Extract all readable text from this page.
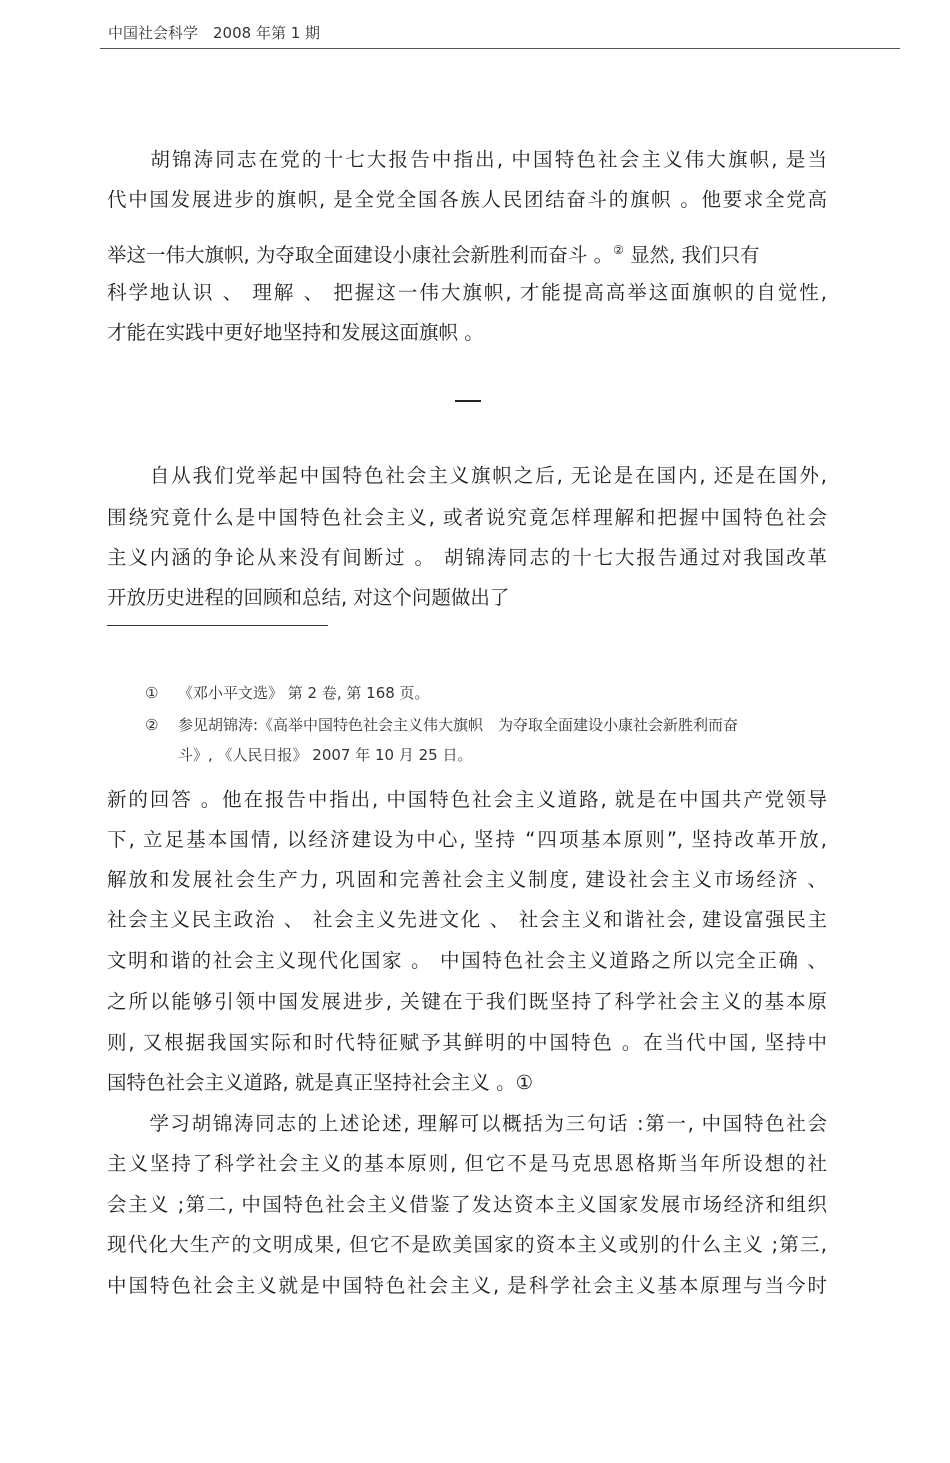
中国社会科学　2008 年第 1 期
　　胡锦涛同志在党的十七大报告中指出, 中国特色社会主义伟大旗帜, 是当
代中国发展进步的旗帜, 是全党全国各族人民团结奋斗的旗帜 。他要求全党高
举这一伟大旗帜, 为夺取全面建设小康社会新胜利而奋斗 。② 显然, 我们只有
科学地认识 、 理解 、 把握这一伟大旗帜, 才能提高高举这面旗帜的自觉性,
才能在实践中更好地坚持和发展这面旗帜 。
　　自从我们党举起中国特色社会主义旗帜之后, 无论是在国内, 还是在国外,
围绕究竟什么是中国特色社会主义, 或者说究竟怎样理解和把握中国特色社会
主义内涵的争论从来没有间断过 。 胡锦涛同志的十七大报告通过对我国改革
开放历史进程的回顾和总结, 对这个问题做出了
① 《邓小平文选》 第 2 卷, 第 168 页。
② 参见胡锦涛:《高举中国特色社会主义伟大旗帜　为夺取全面建设小康社会新胜利而奋
斗》, 《人民日报》 2007 年 10 月 25 日。
新的回答 。他在报告中指出, 中国特色社会主义道路, 就是在中国共产党领导
下, 立足基本国情, 以经济建设为中心, 坚持 “四项基本原则”, 坚持改革开放,
解放和发展社会生产力, 巩固和完善社会主义制度, 建设社会主义市场经济 、
社会主义民主政治 、 社会主义先进文化 、 社会主义和谐社会, 建设富强民主
文明和谐的社会主义现代化国家 。 中国特色社会主义道路之所以完全正确 、
之所以能够引领中国发展进步, 关键在于我们既坚持了科学社会主义的基本原
则, 又根据我国实际和时代特征赋予其鲜明的中国特色 。在当代中国, 坚持中
国特色社会主义道路, 就是真正坚持社会主义 。①
　　学习胡锦涛同志的上述论述, 理解可以概括为三句话 :第一, 中国特色社会
主义坚持了科学社会主义的基本原则, 但它不是马克思恩格斯当年所设想的社
会主义 ;第二, 中国特色社会主义借鉴了发达资本主义国家发展市场经济和组织
现代化大生产的文明成果, 但它不是欧美国家的资本主义或别的什么主义 ;第三,
中国特色社会主义就是中国特色社会主义, 是科学社会主义基本原理与当今时
